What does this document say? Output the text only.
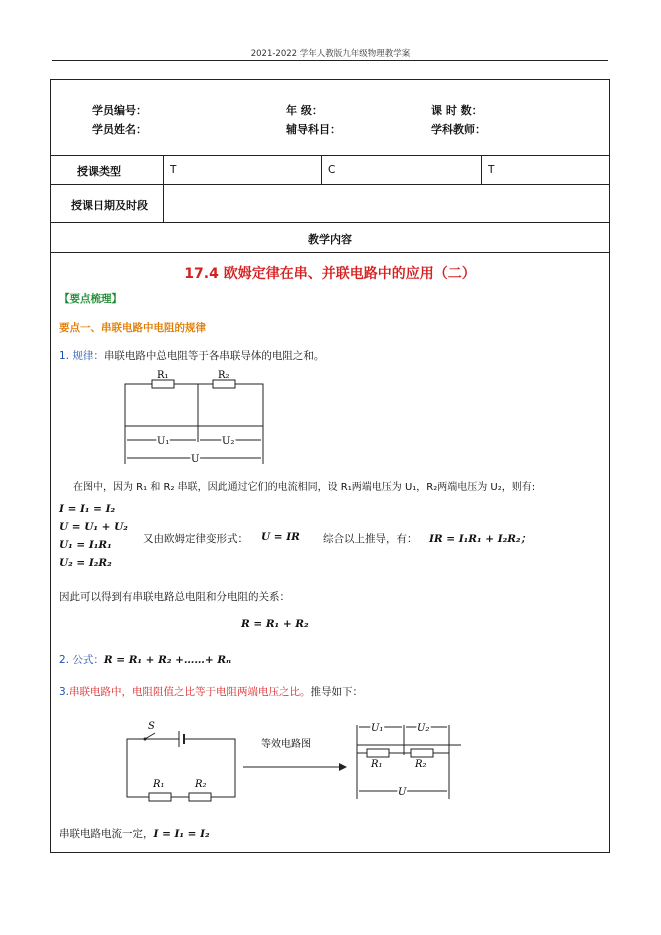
2021-2022 学年人教版九年级物理教学案
学员编号：	年 级：	课 时 数：
学员姓名：	辅导科目：	学科教师：
授课类型	T	C	T
授课日期及时段
教学内容
17.4 欧姆定律在串、并联电路中的应用（二）
【要点梳理】
要点一、串联电路中电阻的规律
1. 规律：串联电路中总电阻等于各串联导体的电阻之和。
R₁	R₂
U₁	U₂
U
在图中，因为 R₁ 和 R₂ 串联，因此通过它们的电流相同，设 R₁两端电压为 U₁，R₂两端电压为 U₂，则有:
I = I₁ = I₂
U = U₁ + U₂
U₁ = I₁R₁
U₂ = I₂R₂
又由欧姆定律变形式： U = IR 综合以上推导，有： IR = I₁R₁ + I₂R₂；
因此可以得到有串联电路总电阻和分电阻的关系：
R = R₁ + R₂
2. 公式：R = R₁ + R₂ +……+ Rₙ
3.串联电路中，电阻阻值之比等于电阻两端电压之比。推导如下：
S
R₁	R₂
等效电路图
U₁	U₂
R₁	R₂
U
串联电路电流一定，I = I₁ = I₂
